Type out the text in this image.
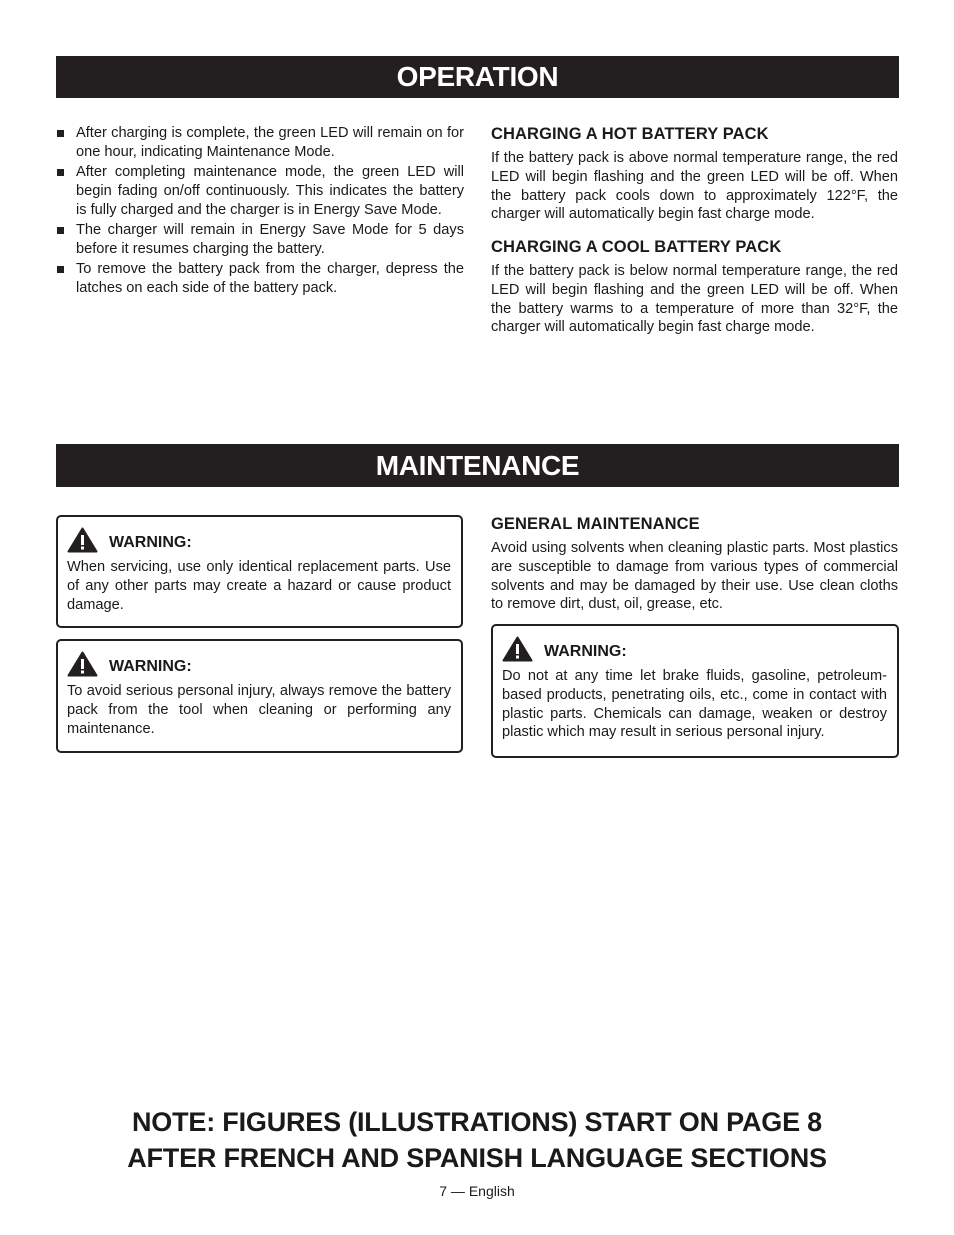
OPERATION
After charging is complete, the green LED will remain on for one hour, indicating Maintenance Mode.
After completing maintenance mode, the green LED will begin fading on/off continuously. This indicates the battery is fully charged and the charger is in Energy Save Mode.
The charger will remain in Energy Save Mode for 5 days before it resumes charging the battery.
To remove the battery pack from the charger, depress the latches on each side of the battery pack.
CHARGING A HOT BATTERY PACK

If the battery pack is above normal temperature range, the red LED will begin flashing and the green LED will be off. When the battery pack cools down to approximately 122°F, the charger will automatically begin fast charge mode.

CHARGING A COOL BATTERY PACK

If the battery pack is below normal temperature range, the red LED will begin flashing and the green LED will be off. When the battery warms to a temperature of more than 32°F, the charger will automatically begin fast charge mode.

MAINTENANCE
WARNING:

When servicing, use only identical replacement parts. Use of any other parts may create a hazard or cause product damage.

WARNING:

To avoid serious personal injury, always remove the battery pack from the tool when cleaning or performing any maintenance.

GENERAL MAINTENANCE

Avoid using solvents when cleaning plastic parts. Most plastics are susceptible to damage from various types of commercial solvents and may be damaged by their use. Use clean cloths to remove dirt, dust, oil, grease, etc.

WARNING:

Do not at any time let brake fluids, gasoline, petroleum-based products, penetrating oils, etc., come in contact with plastic parts. Chemicals can damage, weaken or destroy plastic which may result in serious personal injury.

NOTE: FIGURES (ILLUSTRATIONS) START ON PAGE 8
AFTER FRENCH AND SPANISH LANGUAGE SECTIONS
7 — English
